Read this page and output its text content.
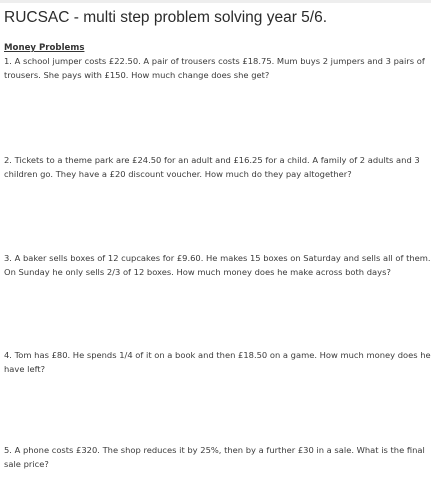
RUCSAC - multi step problem solving year 5/6.
Money Problems

1. A school jumper costs £22.50. A pair of trousers costs £18.75. Mum buys 2 jumpers and 3 pairs of trousers. She pays with £150. How much change does she get?

2. Tickets to a theme park are £24.50 for an adult and £16.25 for a child. A family of 2 adults and 3 children go. They have a £20 discount voucher. How much do they pay altogether?

3. A baker sells boxes of 12 cupcakes for £9.60. He makes 15 boxes on Saturday and sells all of them. On Sunday he only sells 2/3 of 12 boxes. How much money does he make across both days?

4. Tom has £80. He spends 1/4 of it on a book and then £18.50 on a game. How much money does he have left?

5. A phone costs £320. The shop reduces it by 25%, then by a further £30 in a sale. What is the final sale price?
